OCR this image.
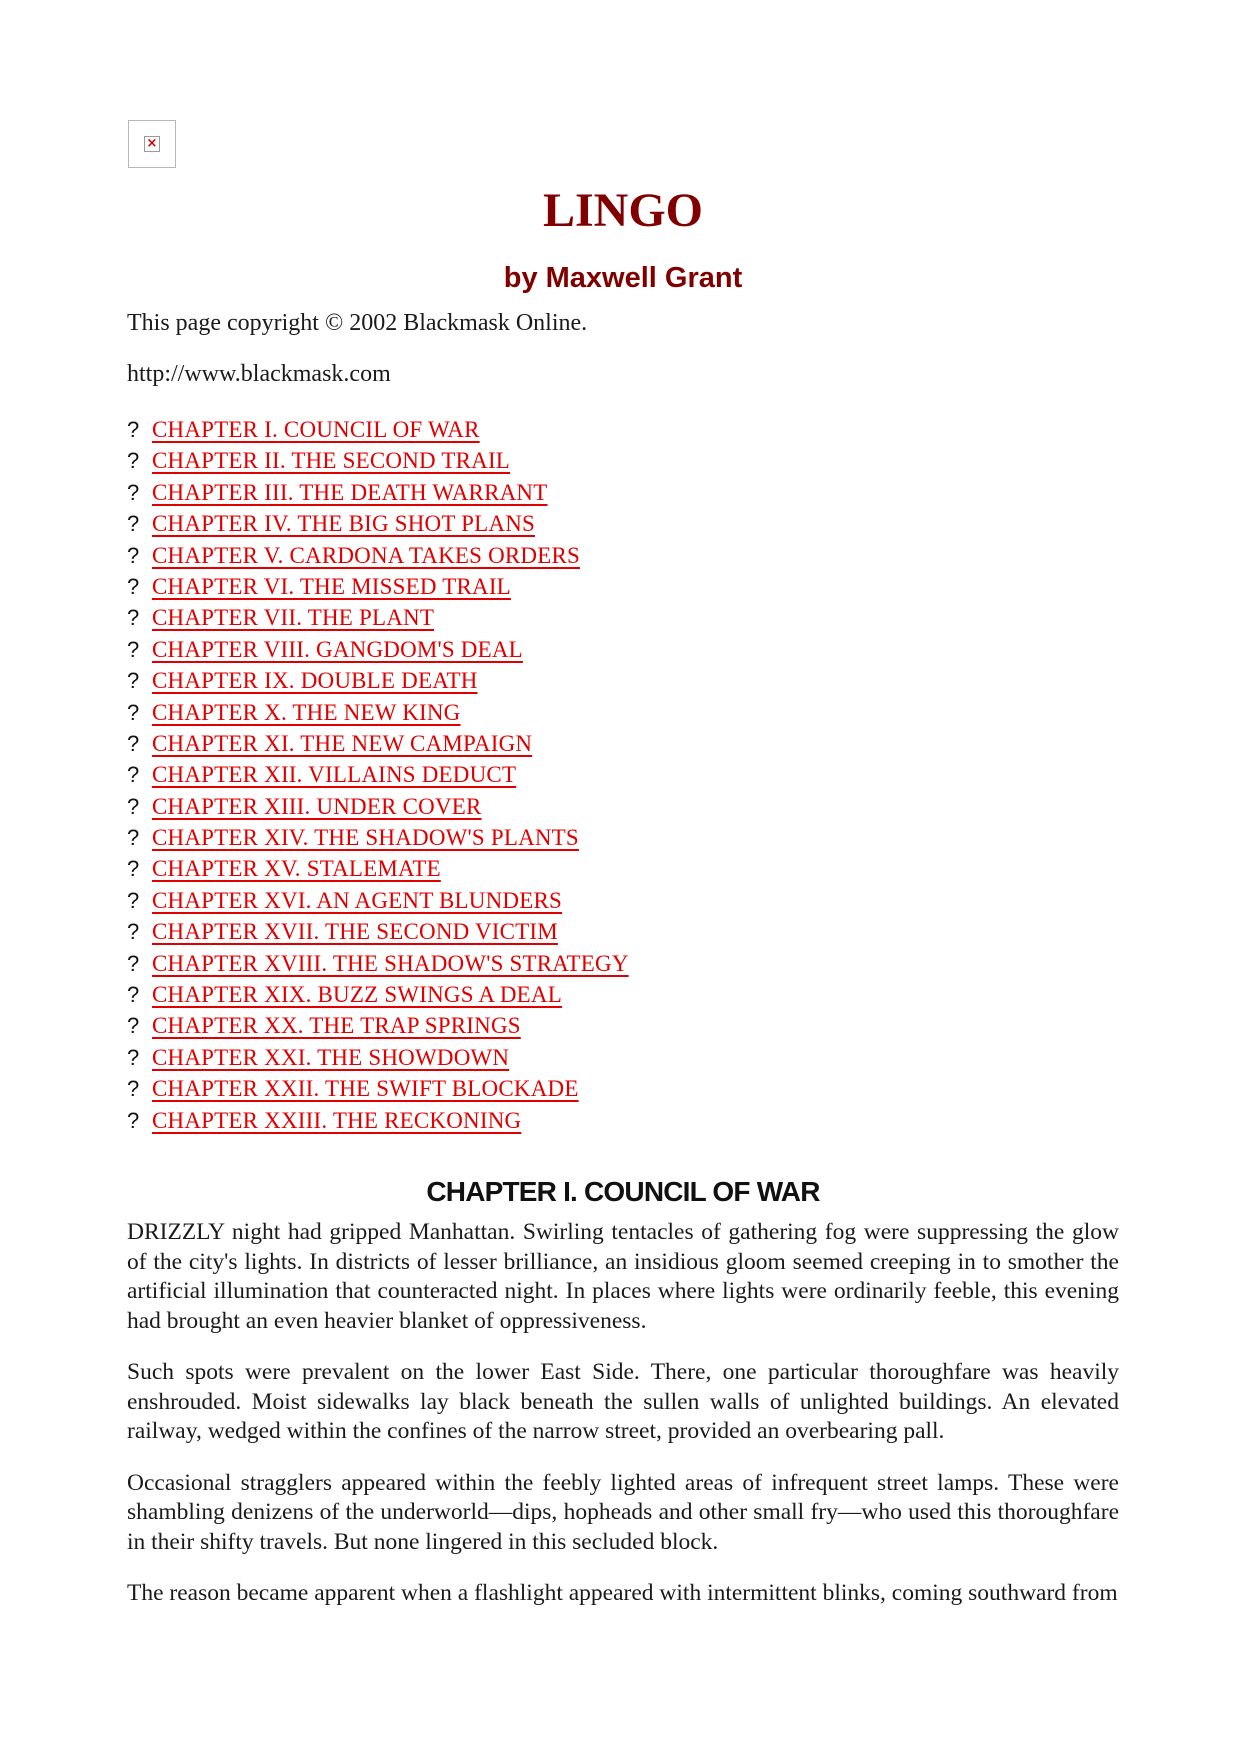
×
LINGO
by Maxwell Grant

This page copyright © 2002 Blackmask Online.

http://www.blackmask.com

? CHAPTER I. COUNCIL OF WAR
? CHAPTER II. THE SECOND TRAIL
? CHAPTER III. THE DEATH WARRANT
? CHAPTER IV. THE BIG SHOT PLANS
? CHAPTER V. CARDONA TAKES ORDERS
? CHAPTER VI. THE MISSED TRAIL
? CHAPTER VII. THE PLANT
? CHAPTER VIII. GANGDOM'S DEAL
? CHAPTER IX. DOUBLE DEATH
? CHAPTER X. THE NEW KING
? CHAPTER XI. THE NEW CAMPAIGN
? CHAPTER XII. VILLAINS DEDUCT
? CHAPTER XIII. UNDER COVER
? CHAPTER XIV. THE SHADOW'S PLANTS
? CHAPTER XV. STALEMATE
? CHAPTER XVI. AN AGENT BLUNDERS
? CHAPTER XVII. THE SECOND VICTIM
? CHAPTER XVIII. THE SHADOW'S STRATEGY
? CHAPTER XIX. BUZZ SWINGS A DEAL
? CHAPTER XX. THE TRAP SPRINGS
? CHAPTER XXI. THE SHOWDOWN
? CHAPTER XXII. THE SWIFT BLOCKADE
? CHAPTER XXIII. THE RECKONING
CHAPTER I. COUNCIL OF WAR

DRIZZLY night had gripped Manhattan. Swirling tentacles of gathering fog were suppressing the glow of the city's lights. In districts of lesser brilliance, an insidious gloom seemed creeping in to smother the artificial illumination that counteracted night. In places where lights were ordinarily feeble, this evening had brought an even heavier blanket of oppressiveness.

Such spots were prevalent on the lower East Side. There, one particular thoroughfare was heavily enshrouded. Moist sidewalks lay black beneath the sullen walls of unlighted buildings. An elevated railway, wedged within the confines of the narrow street, provided an overbearing pall.

Occasional stragglers appeared within the feebly lighted areas of infrequent street lamps. These were shambling denizens of the underworld—dips, hopheads and other small fry—who used this thoroughfare in their shifty travels. But none lingered in this secluded block.

The reason became apparent when a flashlight appeared with intermittent blinks, coming southward from
